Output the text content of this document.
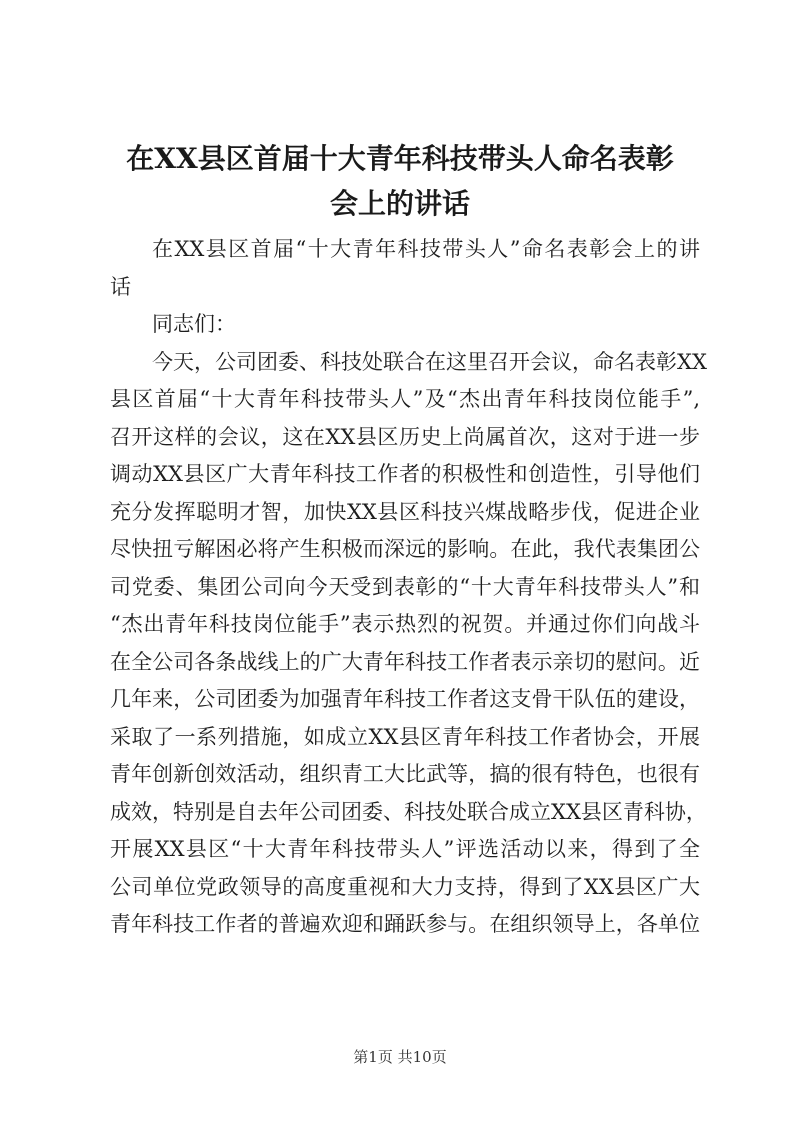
在XX县区首届十大青年科技带头人命名表彰
会上的讲话
在XX县区首届“十大青年科技带头人”命名表彰会上的讲
话
同志们：
今天，公司团委、科技处联合在这里召开会议，命名表彰XX
县区首届“十大青年科技带头人”及“杰出青年科技岗位能手”,
召开这样的会议，这在XX县区历史上尚属首次，这对于进一步
调动XX县区广大青年科技工作者的积极性和创造性，引导他们
充分发挥聪明才智，加快XX县区科技兴煤战略步伐，促进企业
尽快扭亏解困必将产生积极而深远的影响。在此，我代表集团公
司党委、集团公司向今天受到表彰的“十大青年科技带头人”和
“杰出青年科技岗位能手”表示热烈的祝贺。并通过你们向战斗
在全公司各条战线上的广大青年科技工作者表示亲切的慰问。近
几年来，公司团委为加强青年科技工作者这支骨干队伍的建设，
采取了一系列措施，如成立XX县区青年科技工作者协会，开展
青年创新创效活动，组织青工大比武等，搞的很有特色，也很有
成效，特别是自去年公司团委、科技处联合成立XX县区青科协，
开展XX县区“十大青年科技带头人”评选活动以来，得到了全
公司单位党政领导的高度重视和大力支持，得到了XX县区广大
青年科技工作者的普遍欢迎和踊跃参与。在组织领导上，各单位
第1页 共10页
